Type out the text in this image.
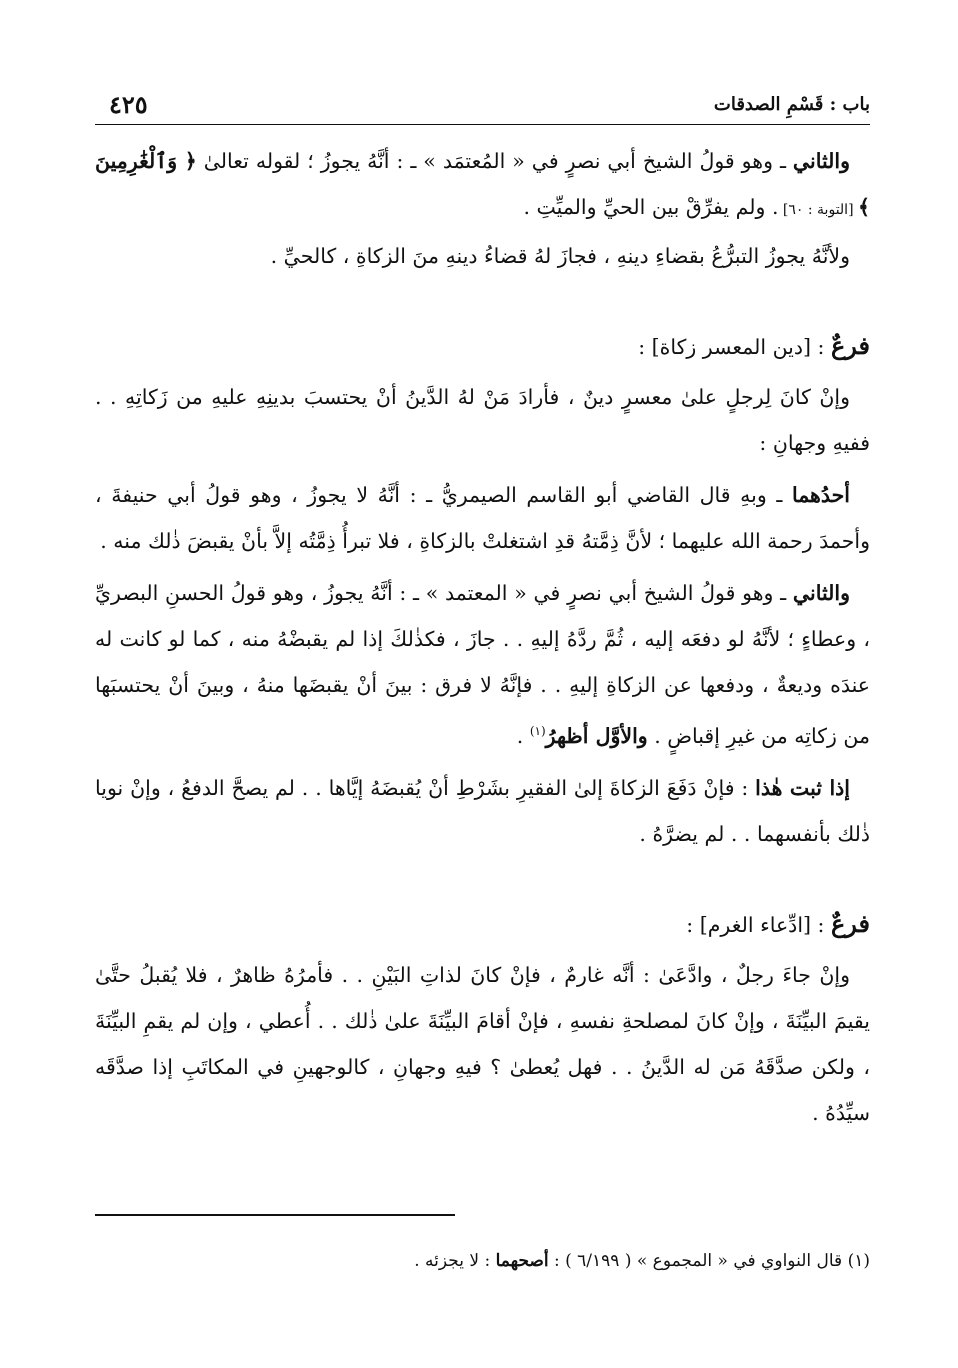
باب : قَسْمِ الصدقات
٤٢٥

والثاني ـ وهو قولُ الشيخ أبي نصرٍ في « المُعتمَد » ـ : أنَّهُ يجوزُ ؛ لقوله تعالىٰ ﴿ وَٱلْغَٰرِمِينَ ﴾ [التوبة : ٦٠] . ولم يفرِّقْ بين الحيِّ والميِّتِ .

ولأنَّهُ يجوزُ التبرُّعُ بقضاءِ دينهِ ، فجازَ لهُ قضاءُ دينهِ منَ الزكاةِ ، كالحيِّ .

فرعٌ : [دين المعسر زكاة] :

وإنْ كانَ لِرجلٍ علىٰ معسرٍ دينٌ ، فأرادَ مَنْ لهُ الدَّينُ أنْ يحتسبَ بدينِهِ عليهِ من زَكاتِهِ . . ففيهِ وجهانِ :

أحدُهما ـ وبهِ قال القاضي أبو القاسم الصيمريُّ ـ : أنَّهُ لا يجوزُ ، وهو قولُ أبي حنيفةَ ، وأحمدَ رحمة الله عليهما ؛ لأنَّ ذِمَّتهُ قدِ اشتغلتْ بالزكاةِ ، فلا تبرأُ ذِمَّتُه إلاَّ بأنْ يقبضَ ذٰلك منه .

والثاني ـ وهو قولُ الشيخ أبي نصرٍ في « المعتمد » ـ : أنَّهُ يجوزُ ، وهو قولُ الحسنِ البصريِّ ، وعطاءٍ ؛ لأنَّهُ لو دفعَه إليه ، ثُمَّ ردَّهُ إليهِ . . جازَ ، فكذٰلكَ إذا لم يقبضْهُ منه ، كما لو كانت له عندَه وديعةٌ ، ودفعها عن الزكاةِ إليهِ . . فإنَّهُ لا فرق : بينَ أنْ يقبضَها منهُ ، وبينَ أنْ يحتسبَها من زكاتِه من غيرِ إقباضٍ . والأوَّل أظهرُ$^{(١)}$ .

إذا ثبت هٰذا : فإنْ دَفَعَ الزكاةَ إلىٰ الفقيرِ بشَرْطِ أنْ يُقبضَهُ إيَّاها . . لم يصحَّ الدفعُ ، وإنْ نويا ذٰلك بأنفسهما . . لم يضرَّهُ .

فرعٌ : [ادِّعاء الغرم] :

وإنْ جاءَ رجلٌ ، وادَّعَىٰ : أنَّه غارمٌ ، فإنْ كانَ لذاتِ البَيْنِ . . فأمرُهُ ظاهرٌ ، فلا يُقبلُ حتَّىٰ يقيمَ البيِّنَةَ ، وإنْ كانَ لمصلحةِ نفسهِ ، فإنْ أقامَ البيِّنَةَ علىٰ ذٰلك . . أُعطي ، وإن لم يقمِ البيِّنَةَ ، ولكن صدَّقَهُ مَن له الدَّينُ . . فهل يُعطىٰ ؟ فيهِ وجهانِ ، كالوجهينِ في المكاتَبِ إذا صدَّقَه سيِّدُهُ .

(١) قال النواوي في « المجموع » ( ٦/١٩٩ ) : أصحهما : لا يجزئه .
